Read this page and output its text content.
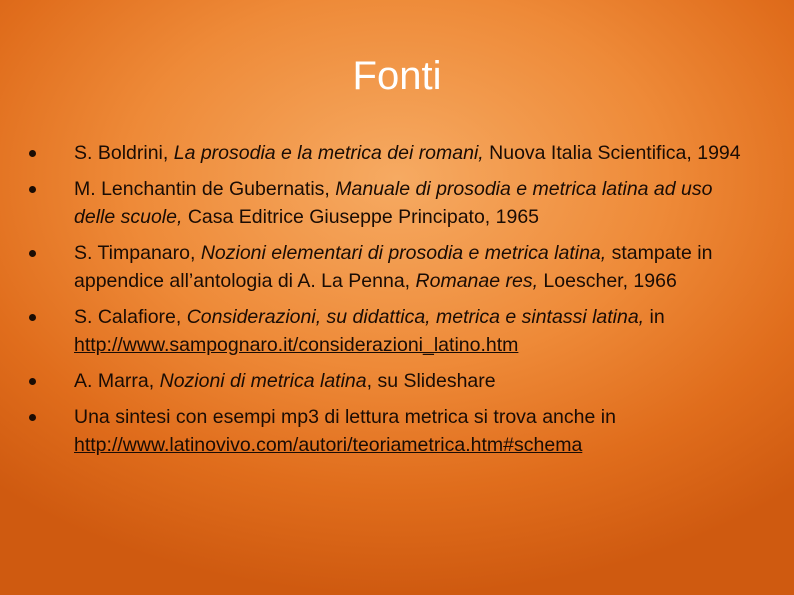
Fonti
S. Boldrini, La prosodia e la metrica dei romani, Nuova Italia Scientifica, 1994
M. Lenchantin de Gubernatis, Manuale di prosodia e metrica latina ad uso delle scuole, Casa Editrice Giuseppe Principato, 1965
S. Timpanaro, Nozioni elementari di prosodia e metrica latina, stampate in appendice all’antologia di A. La Penna, Romanae res, Loescher, 1966
S. Calafiore, Considerazioni, su didattica, metrica e sintassi latina, in http://www.sampognaro.it/considerazioni_latino.htm
A. Marra, Nozioni di metrica latina, su Slideshare
Una sintesi con esempi mp3 di lettura metrica si trova anche in http://www.latinovivo.com/autori/teoriametrica.htm#schema
